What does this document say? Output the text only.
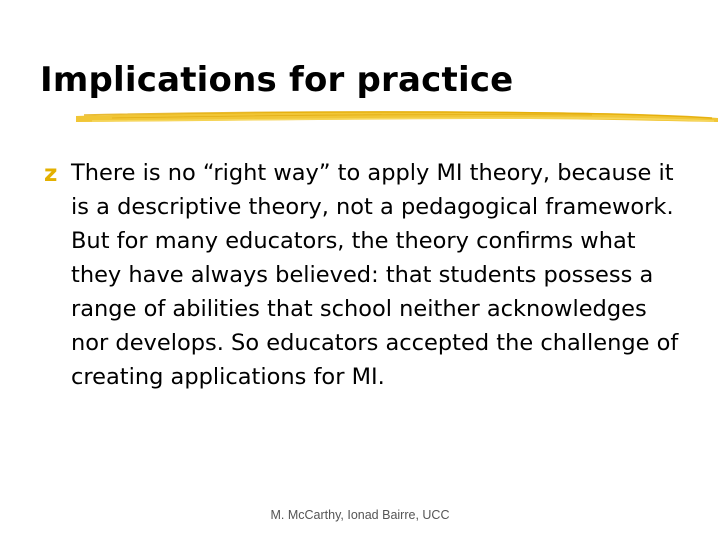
Implications for practice
z There is no “right way” to apply MI theory, because it is a descriptive theory, not a pedagogical framework. But for many educators, the theory confirms what they have always believed: that students possess a range of abilities that school neither acknowledges nor develops. So educators accepted the challenge of creating applications for MI.

M. McCarthy, Ionad Bairre, UCC
